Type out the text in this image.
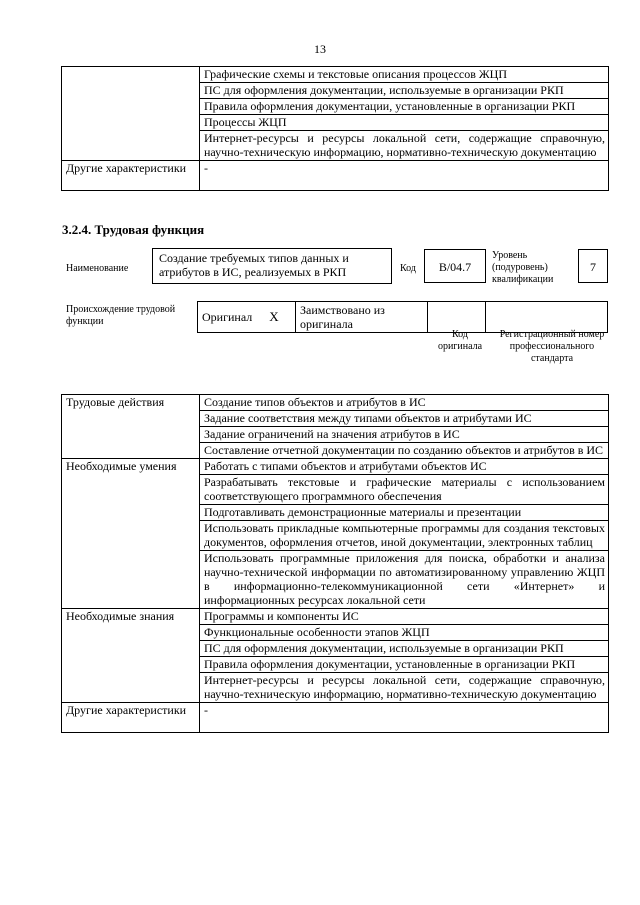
13
	Графические схемы и текстовые описания процессов ЖЦП
	ПС для оформления документации, используемые в организации РКП
	Правила оформления документации, установленные в организации РКП
	Процессы ЖЦП
	Интернет-ресурсы и ресурсы локальной сети, содержащие справочную, научно-техническую информацию, нормативно-техническую документацию
Другие характеристики	-
3.2.4. Трудовая функция
Наименование
Создание требуемых типов данных и атрибутов в ИС, реализуемых в РКП	Код	B/04.7
Уровень (подуровень) квалификации
7
Происхождение трудовой функции	Оригинал X	Заимствовано из оригинала		
Код оригинала
Регистрационный номер профессионального стандарта
Трудовые действия	Создание типов объектов и атрибутов в ИС
	Задание соответствия между типами объектов и атрибутами ИС
	Задание ограничений на значения атрибутов в ИС
	Составление отчетной документации по созданию объектов и атрибутов в ИС
Необходимые умения	Работать с типами объектов и атрибутами объектов ИС
	Разрабатывать текстовые и графические материалы с использованием соответствующего программного обеспечения
	Подготавливать демонстрационные материалы и презентации
	Использовать прикладные компьютерные программы для создания текстовых документов, оформления отчетов, иной документации, электронных таблиц
	Использовать программные приложения для поиска, обработки и анализа научно-технической информации по автоматизированному управлению ЖЦП в информационно-телекоммуникационной сети «Интернет» и информационных ресурсах локальной сети
Необходимые знания	Программы и компоненты ИС
	Функциональные особенности этапов ЖЦП
	ПС для оформления документации, используемые в организации РКП
	Правила оформления документации, установленные в организации РКП
	Интернет-ресурсы и ресурсы локальной сети, содержащие справочную, научно-техническую информацию, нормативно-техническую документацию
Другие характеристики	-
